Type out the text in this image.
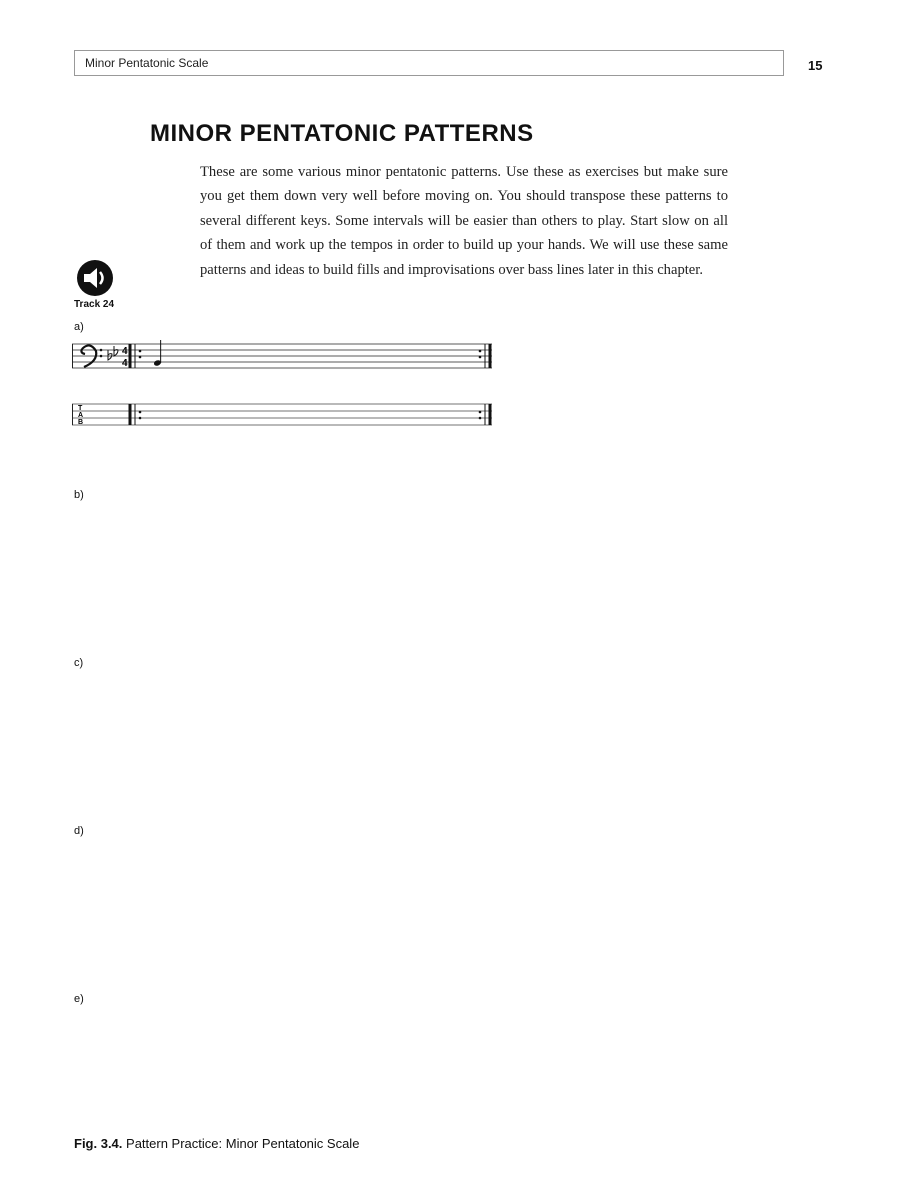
Minor Pentatonic Scale	15
MINOR PENTATONIC PATTERNS

These are some various minor pentatonic patterns. Use these as exercises but make sure you get them down very well before moving on. You should transpose these patterns to several different keys. Some intervals will be easier than others to play. Start slow on all of them and work up the tempos in order to build up your hands. We will use these same patterns and ideas to build fills and improvisations over bass lines later in this chapter.

Track 24
a)
4
4
T
A
B
b)
c)
d)
e)
Fig. 3.4. Pattern Practice: Minor Pentatonic Scale
